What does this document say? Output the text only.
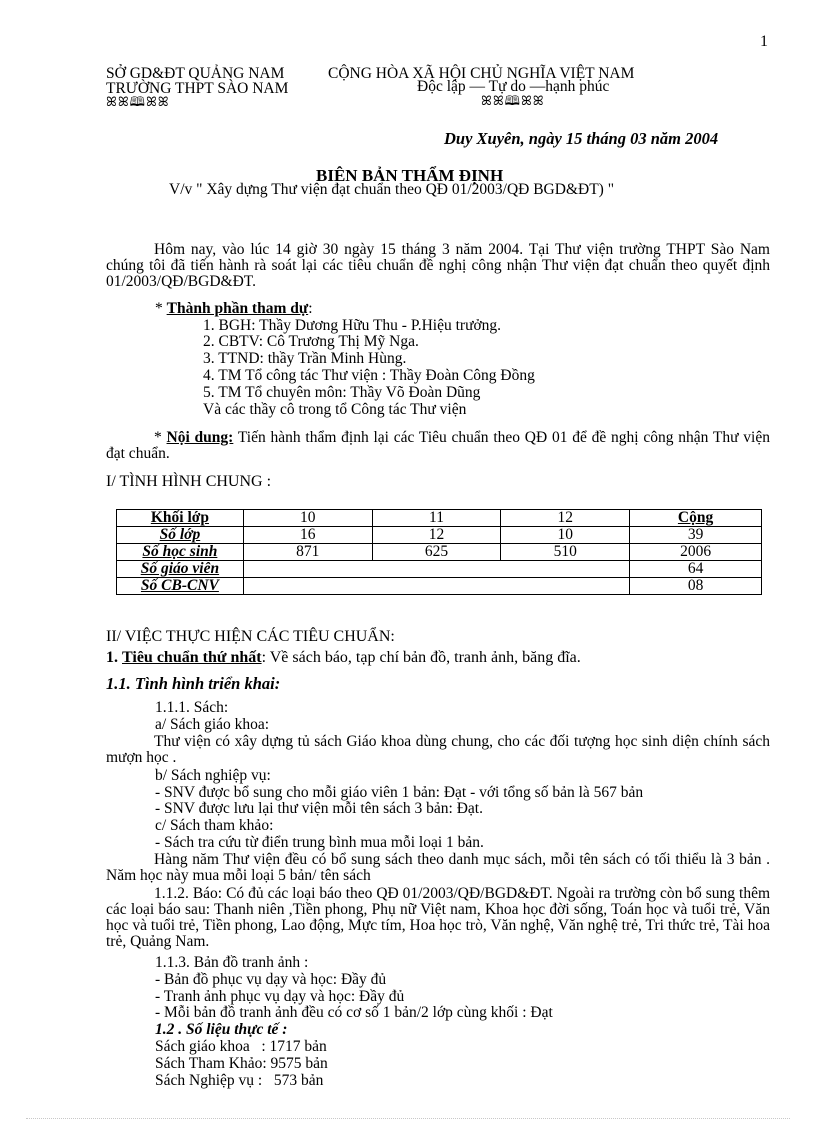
1
SỞ GD&ĐT QUẢNG NAM
TRƯỜNG THPT SÀO NAM
ꕤꕤ🕮ꕤꕤ
CỘNG HÒA XÃ HỘI CHỦ NGHĨA VIỆT NAM
Độc lập — Tự do —hạnh phúc
ꕤꕤ🕮ꕤꕤ
Duy Xuyên, ngày 15 tháng 03 năm 2004
BIÊN BẢN THẨM ĐỊNH
V/v " Xây dựng Thư viện đạt chuẩn theo QĐ 01/2003/QĐ BGD&ĐT) "
Hôm nay, vào lúc 14 giờ 30 ngày 15 tháng 3 năm 2004. Tại Thư viện trường THPT Sào Nam chúng tôi đã tiến hành rà soát lại các tiêu chuẩn đề nghị công nhận Thư viện đạt chuẩn theo quyết định 01/2003/QĐ/BGD&ĐT.
* Thành phần tham dự:
1. BGH: Thầy Dương Hữu Thu - P.Hiệu trưởng.
2. CBTV: Cô Trương Thị Mỹ Nga.
3. TTND: thầy Trần Minh Hùng.
4. TM Tổ công tác Thư viện : Thầy Đoàn Công Đồng
5. TM Tổ chuyên môn: Thầy Võ Đoàn Dũng
Và các thầy cô trong tổ Công tác Thư viện
* Nội dung: Tiến hành thẩm định lại các Tiêu chuẩn theo QĐ 01 để đề nghị công nhận Thư viện đạt chuẩn.
I/ TÌNH HÌNH CHUNG :
Khối lớp	10	11	12	Cộng
Số lớp	16	12	10	39
Số học sinh	871	625	510	2006
Số giáo viên				64
Số CB-CNV				08
II/ VIỆC THỰC HIỆN CÁC TIÊU CHUẨN:
1. Tiêu chuẩn thứ nhất: Về sách báo, tạp chí bản đồ, tranh ảnh, băng đĩa.
1.1. Tình hình triển khai:
1.1.1. Sách:
a/ Sách giáo khoa:
Thư viện có xây dựng tủ sách Giáo khoa dùng chung, cho các đối tượng học sinh diện chính sách mượn học .
b/ Sách nghiệp vụ:
- SNV được bổ sung cho mỗi giáo viên 1 bản: Đạt - với tổng số bản là 567 bản
- SNV được lưu lại thư viện mỗi tên sách 3 bản: Đạt.
c/ Sách tham khảo:
- Sách tra cứu từ điển trung bình mua mỗi loại 1 bản.
Hàng năm Thư viện đều có bổ sung sách theo danh mục sách, mỗi tên sách có tối thiểu là 3 bản . Năm học này mua mỗi loại 5 bản/ tên sách
1.1.2. Báo: Có đủ các loại báo theo QĐ 01/2003/QĐ/BGD&ĐT. Ngoài ra trường còn bổ sung thêm các loại báo sau: Thanh niên ,Tiền phong, Phụ nữ Việt nam, Khoa học đời sống, Toán học và tuổi trẻ, Văn học và tuổi trẻ, Tiền phong, Lao động, Mực tím, Hoa học trò, Văn nghệ, Văn nghệ trẻ, Tri thức trẻ, Tài hoa trẻ, Quảng Nam.
1.1.3. Bản đồ tranh ảnh :
- Bản đồ phục vụ dạy và học: Đầy đủ
- Tranh ảnh phục vụ dạy và học: Đầy đủ
- Mỗi bản đồ tranh ảnh đều có cơ số 1 bản/2 lớp cùng khối : Đạt
1.2 . Số liệu thực tế :
Sách giáo khoa   : 1717 bản
Sách Tham Khảo: 9575 bản
Sách Nghiệp vụ :   573 bản
